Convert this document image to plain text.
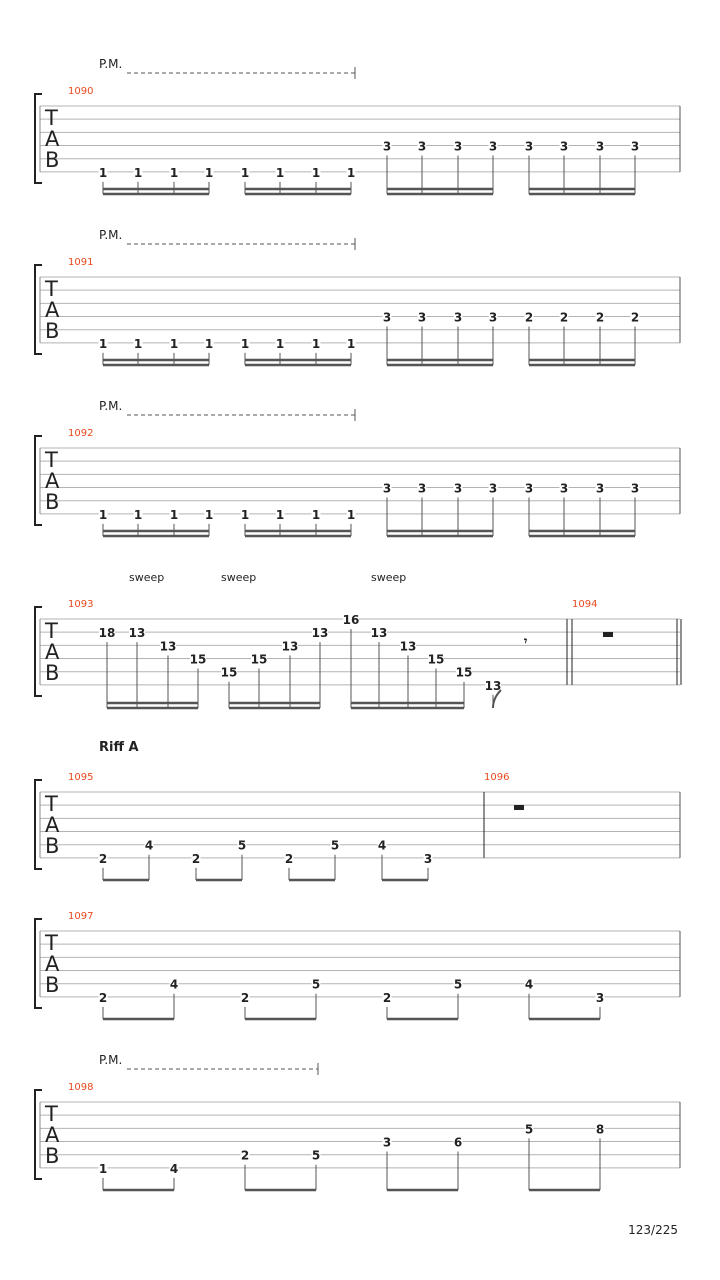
T
A
B
P.M.
1090
1 1 1 1 1 1 1 1
3 3 3 3 3 3 3 3
T
A
B
P.M.
1091
1 1 1 1 1 1 1 1
3 3 3 3 2 2 2 2
T
A
B
P.M.
1092
1 1 1 1 1 1 1 1
3 3 3 3 3 3 3 3
T
A
B
sweep	sweep	sweep
1093
18 13
13
15
15
15
13
13
16
13
13
15
15
13
𝄾
1094
T
A
B
Riff A
1095
2
4
2
5
2
5	4
3
1096
T
A
B
1097
2
4
2
5
2
5	4
3
T
A
B
P.M.
1098
1	4
2	5
3	6
5	8
123/225
